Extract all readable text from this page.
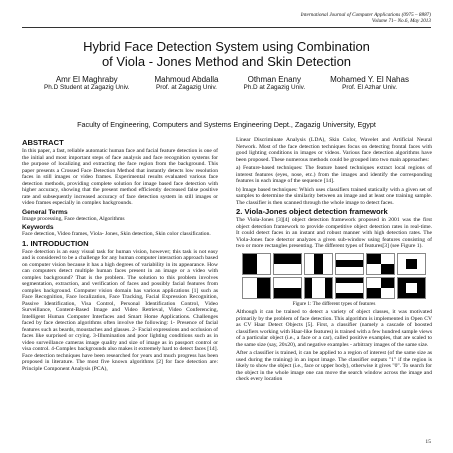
International Journal of Computer Applications (0975 – 8887)
Volume 71– No.6, May 2013
Hybrid Face Detection System using Combination
of Viola - Jones Method and Skin Detection
Amr El Maghraby
Ph.D Student at Zagazig Univ.
Mahmoud Abdalla
Prof. at Zagazig Univ.
Othman Enany
Ph.D at Zagazig Univ.
Mohamed Y. El Nahas
Prof. El Azhar Univ.
Faculty of Engineering, Computers and Systems Engineering Dept., Zagazig University, Egypt
ABSTRACT

In this paper, a fast, reliable automatic human face and facial feature detection is one of the initial and most important steps of face analysis and face recognition systems for the purpose of localizing and extracting the face region from the background. This paper presents a Crossed Face Detection Method that instantly detects low resolution faces in still images or video frames. Experimental results evaluated various face detection methods, providing complete solution for image based face detection with higher accuracy, showing that the present method efficiently decreased false positive rate and subsequently increased accuracy of face detection system in still images or video frames especially in complex backgrounds.

General Terms

Image processing, Face detection, Algorithms

Keywords

Face detection, Video frames, Viola- Jones, Skin detection, Skin color classification.

1. INTRODUCTION

Face detection is an easy visual task for human vision, however; this task is not easy and is considered to be a challenge for any human computer interaction approach based on computer vision because it has a high degrees of variability in its appearance. How can computers detect multiple human faces present in an image or a video with complex background? That is the problem. The solution to this problem involves segmentation, extraction, and verification of faces and possibly facial features from complex background. Computer vision domain has various applications [1] such as Face Recognition, Face localization, Face Tracking, Facial Expression Recognition, Passive Identification, Visa Control, Personal Identification Control, Video Surveillance, Content-Based Image and Video Retrieval, Video Conferencing, Intelligent Human Computer Interfaces and Smart Home Applications. Challenges faced by face detection algorithms often involve the following: 1- Presence of facial features such as beards, moustaches and glasses. 2- Facial expressions and occlusion of faces like surprised or crying. 3-Illumination and poor lighting conditions such as in video surveillance cameras image quality and size of image as in passport control or visa control. 4-Complex backgrounds also makes it extremely hard to detect faces [14]. Face detection techniques have been researched for years and much progress has been proposed in literature. The most five known algorithms [2] for face detection are: Principle Component Analysis (PCA),

Linear Discriminate Analysis (LDA), Skin Color, Wavelet and Artificial Neural Network. Most of the face detection techniques focus on detecting frontal faces with good lighting conditions in images or videos. Various face detection algorithms have been proposed. These numerous methods could be grouped into two main approaches:

a) Feature-based techniques: The feature based techniques extract local regions of interest features (eyes, nose, etc.) from the images and identify the corresponding features in each image of the sequence [14].

b) Image based techniques: Which uses classifiers trained statically with a given set of samples to determine the similarity between an image and at least one training sample. The classifier is then scanned through the whole image to detect faces.

2. Viola-Jones object detection framework

The Viola-Jones [3][4] object detection framework proposed in 2001 was the first object detection framework to provide competitive object detection rates in real-time. It could detect faces in an instant and robust manner with high detection rates. The Viola-Jones face detector analyzes a given sub-window using features consisting of two or more rectangles presenting. The different types of features[3] (see Figure 1).

Figure 1: The different types of features

Although it can be trained to detect a variety of object classes, it was motivated primarily by the problem of face detection. This algorithm is implemented in Open CV as CV Haar Detect Objects [5]. First, a classifier (namely a cascade of boosted classifiers working with Haar-like features) is trained with a few hundred sample views of a particular object (i.e., a face or a car), called positive examples, that are scaled to the same size (say, 20x20), and negative examples - arbitrary images of the same size.

After a classifier is trained, it can be applied to a region of interest (of the same size as used during the training) in an input image. The classifier outputs "1" if the region is likely to show the object (i.e., face or upper body), otherwise it gives "0". To search for the object in the whole image one can move the search window across the image and check every location

15
